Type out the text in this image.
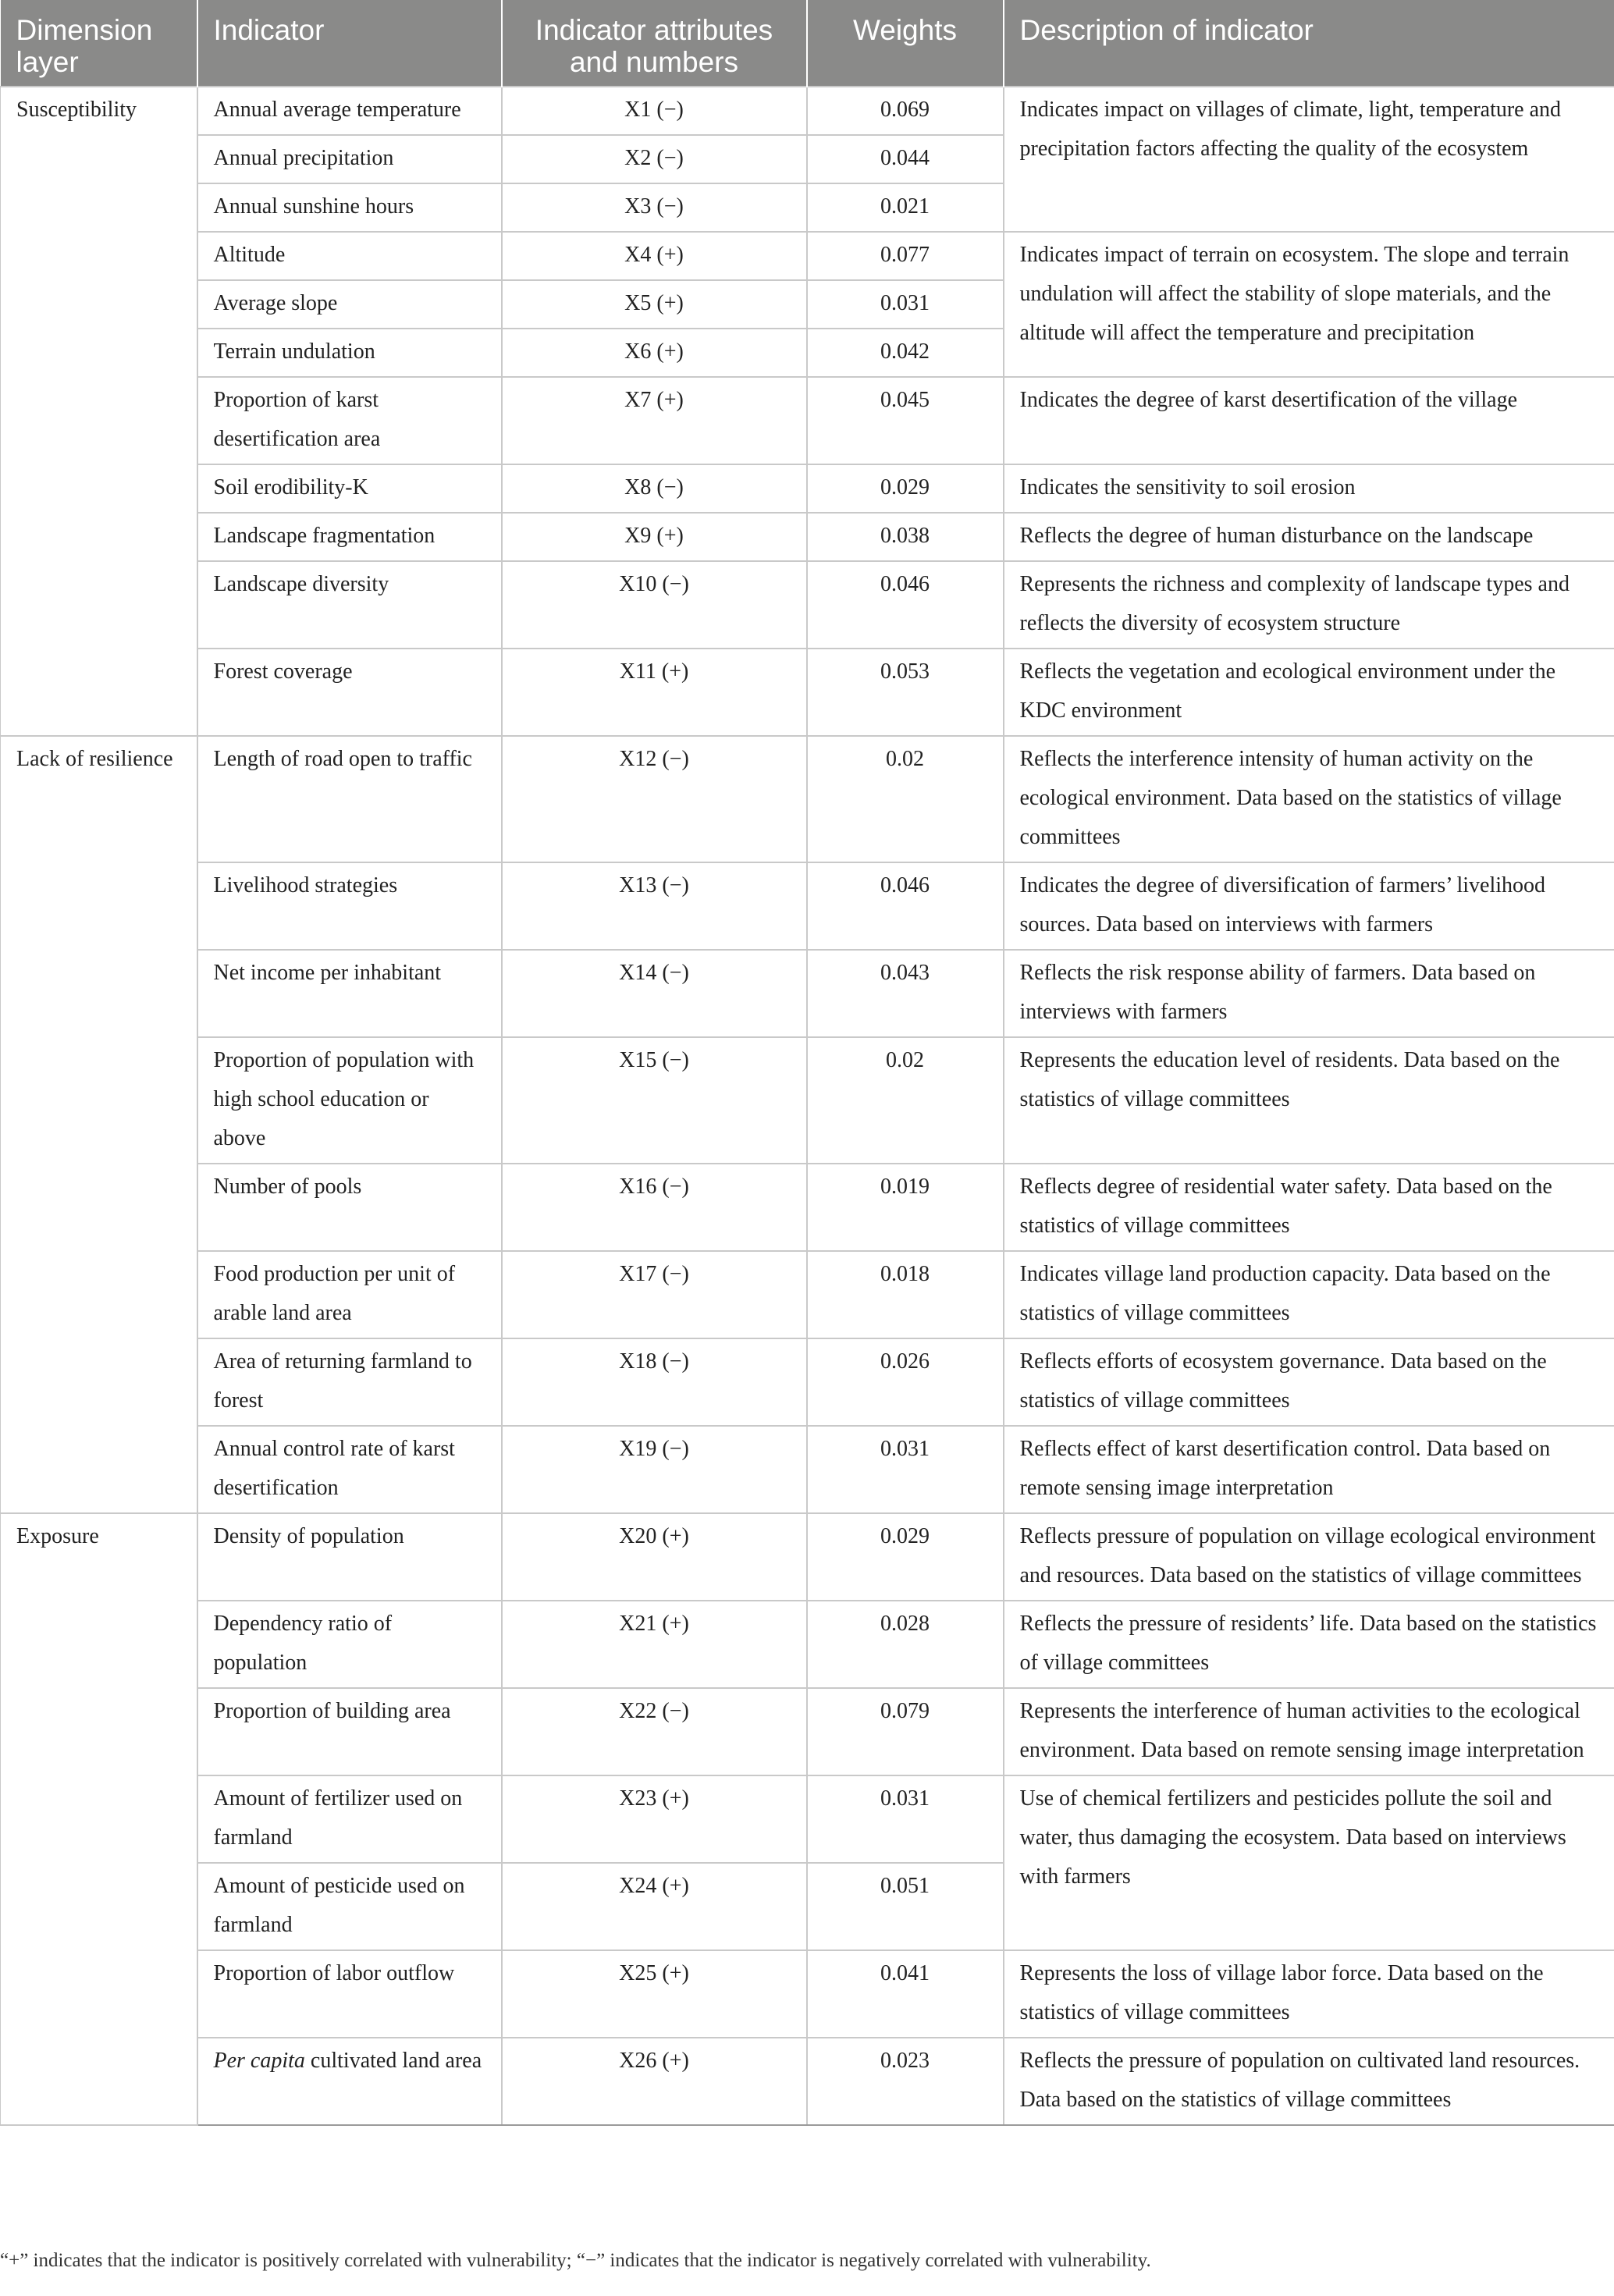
Dimension layer	Indicator	Indicator attributes and numbers	Weights	Description of indicator
Susceptibility	Annual average temperature	X1 (−)	0.069	Indicates impact on villages of climate, light, temperature and precipitation factors affecting the quality of the ecosystem
	Annual precipitation	X2 (−)	0.044	
	Annual sunshine hours	X3 (−)	0.021	
	Altitude	X4 (+)	0.077	Indicates impact of terrain on ecosystem. The slope and terrain undulation will affect the stability of slope materials, and the altitude will affect the temperature and precipitation
	Average slope	X5 (+)	0.031	
	Terrain undulation	X6 (+)	0.042	
	Proportion of karst desertification area	X7 (+)	0.045	Indicates the degree of karst desertification of the village
	Soil erodibility-K	X8 (−)	0.029	Indicates the sensitivity to soil erosion
	Landscape fragmentation	X9 (+)	0.038	Reflects the degree of human disturbance on the landscape
	Landscape diversity	X10 (−)	0.046	Represents the richness and complexity of landscape types and reflects the diversity of ecosystem structure
	Forest coverage	X11 (+)	0.053	Reflects the vegetation and ecological environment under the KDC environment
Lack of resilience	Length of road open to traffic	X12 (−)	0.02	Reflects the interference intensity of human activity on the ecological environment. Data based on the statistics of village committees
	Livelihood strategies	X13 (−)	0.046	Indicates the degree of diversification of farmers’ livelihood sources. Data based on interviews with farmers
	Net income per inhabitant	X14 (−)	0.043	Reflects the risk response ability of farmers. Data based on interviews with farmers
	Proportion of population with high school education or above	X15 (−)	0.02	Represents the education level of residents. Data based on the statistics of village committees
	Number of pools	X16 (−)	0.019	Reflects degree of residential water safety. Data based on the statistics of village committees
	Food production per unit of arable land area	X17 (−)	0.018	Indicates village land production capacity. Data based on the statistics of village committees
	Area of returning farmland to forest	X18 (−)	0.026	Reflects efforts of ecosystem governance. Data based on the statistics of village committees
	Annual control rate of karst desertification	X19 (−)	0.031	Reflects effect of karst desertification control. Data based on remote sensing image interpretation
Exposure	Density of population	X20 (+)	0.029	Reflects pressure of population on village ecological environment and resources. Data based on the statistics of village committees
	Dependency ratio of population	X21 (+)	0.028	Reflects the pressure of residents’ life. Data based on the statistics of village committees
	Proportion of building area	X22 (−)	0.079	Represents the interference of human activities to the ecological environment. Data based on remote sensing image interpretation
	Amount of fertilizer used on farmland	X23 (+)	0.031	Use of chemical fertilizers and pesticides pollute the soil and water, thus damaging the ecosystem. Data based on interviews with farmers
	Amount of pesticide used on farmland	X24 (+)	0.051	
	Proportion of labor outflow	X25 (+)	0.041	Represents the loss of village labor force. Data based on the statistics of village committees
	Per capita cultivated land area	X26 (+)	0.023	Reflects the pressure of population on cultivated land resources. Data based on the statistics of village committees
“+” indicates that the indicator is positively correlated with vulnerability; “−” indicates that the indicator is negatively correlated with vulnerability.
